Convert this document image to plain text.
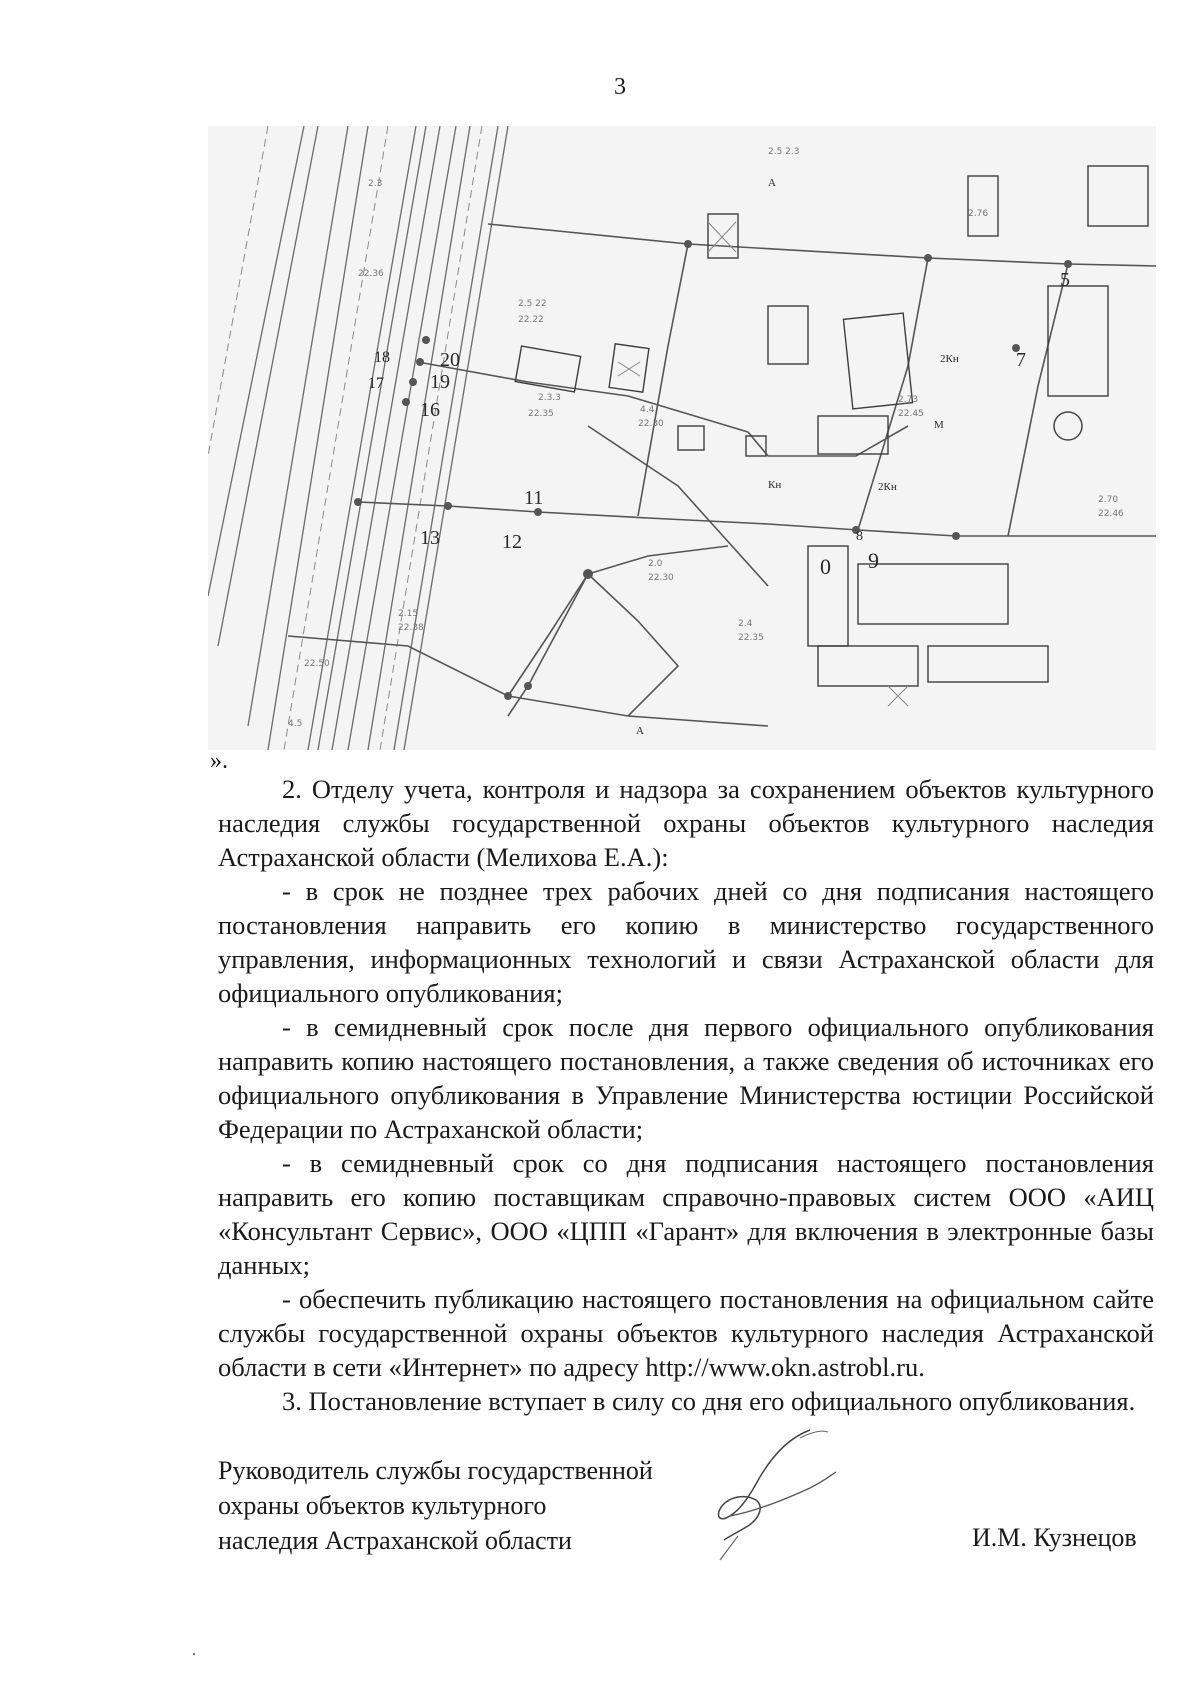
3
2.5 22
22.22
2.3.3
22.35	4.4
22.30
2.73
22.45
2.70
22.46
2.0
22.30
2.15
22.38
22.50
4.5
2.4
22.35
2.3
2.5 2.3
22.36
2.76
20
19
16
18
17
13	12
11
7
5
0 9
8
2Кн
2Кн
Кн
М
А
А
».

2. Отделу учета, контроля и надзора за сохранением объектов культурного наследия службы государственной охраны объектов культурного наследия Астраханской области (Мелихова Е.А.):

- в срок не позднее трех рабочих дней со дня подписания настоящего постановления направить его копию в министерство государственного управления, информационных технологий и связи Астраханской области для официального опубликования;

- в семидневный срок после дня первого официального опубликования направить копию настоящего постановления, а также сведения об источниках его официального опубликования в Управление Министерства юстиции Российской Федерации по Астраханской области;

- в семидневный срок со дня подписания настоящего постановления направить его копию поставщикам справочно-правовых систем ООО «АИЦ «Консультант Сервис», ООО «ЦПП «Гарант» для включения в электронные базы данных;

- обеспечить публикацию настоящего постановления на официальном сайте службы государственной охраны объектов культурного наследия Астраханской области в сети «Интернет» по адресу http://www.okn.astrobl.ru.

3. Постановление вступает в силу со дня его официального опубликования.

Руководитель службы государственной
охраны объектов культурного
наследия Астраханской области	И.М. Кузнецов
